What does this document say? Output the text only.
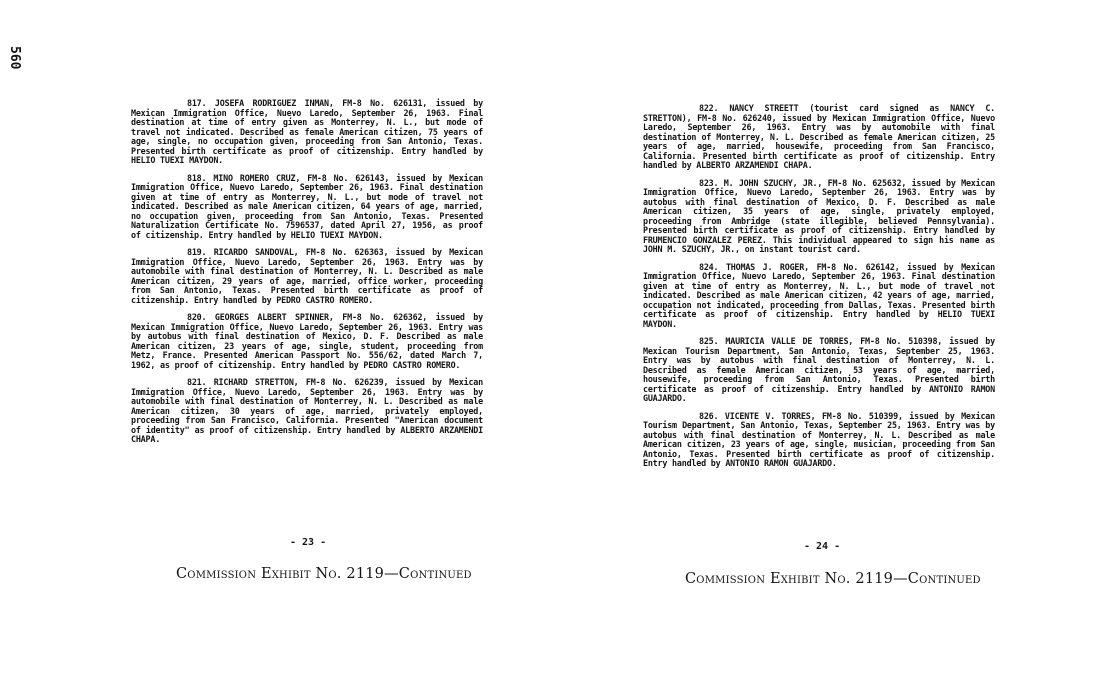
560

817. JOSEFA RODRIGUEZ INMAN, FM-8 No. 626131, issued by Mexican Immigration Office, Nuevo Laredo, September 26, 1963. Final destination at time of entry given as Monterrey, N. L., but mode of travel not indicated. Described as female American citizen, 75 years of age, single, no occupation given, proceeding from San Antonio, Texas. Presented birth certificate as proof of citizenship. Entry handled by HELIO TUEXI MAYDON.

818. MINO ROMERO CRUZ, FM-8 No. 626143, issued by Mexican Immigration Office, Nuevo Laredo, September 26, 1963. Final destination given at time of entry as Monterrey, N. L., but mode of travel not indicated. Described as male American citizen, 64 years of age, married, no occupation given, proceeding from San Antonio, Texas. Presented Naturalization Certificate No. 7596537, dated April 27, 1956, as proof of citizenship. Entry handled by HELIO TUEXI MAYDON.

819. RICARDO SANDOVAL, FM-8 No. 626363, issued by Mexican Immigration Office, Nuevo Laredo, September 26, 1963. Entry was by automobile with final destination of Monterrey, N. L. Described as male American citizen, 29 years of age, married, office worker, proceeding from San Antonio, Texas. Presented birth certificate as proof of citizenship. Entry handled by PEDRO CASTRO ROMERO.

820. GEORGES ALBERT SPINNER, FM-8 No. 626362, issued by Mexican Immigration Office, Nuevo Laredo, September 26, 1963. Entry was by autobus with final destination of Mexico, D. F. Described as male American citizen, 23 years of age, single, student, proceeding from Metz, France. Presented American Passport No. 556/62, dated March 7, 1962, as proof of citizenship. Entry handled by PEDRO CASTRO ROMERO.

821. RICHARD STRETTON, FM-8 No. 626239, issued by Mexican Immigration Office, Nuevo Laredo, September 26, 1963. Entry was by automobile with final destination of Monterrey, N. L. Described as male American citizen, 30 years of age, married, privately employed, proceeding from San Francisco, California. Presented "American document of identity" as proof of citizenship. Entry handled by ALBERTO ARZAMENDI CHAPA.

- 23 -
Commission Exhibit No. 2119—Continued

822. NANCY STREETT (tourist card signed as NANCY C. STRETTON), FM-8 No. 626240, issued by Mexican Immigration Office, Nuevo Laredo, September 26, 1963. Entry was by automobile with final destination of Monterrey, N. L. Described as female American citizen, 25 years of age, married, housewife, proceeding from San Francisco, California. Presented birth certificate as proof of citizenship. Entry handled by ALBERTO ARZAMENDI CHAPA.

823. M. JOHN SZUCHY, JR., FM-8 No. 625632, issued by Mexican Immigration Office, Nuevo Laredo, September 26, 1963. Entry was by autobus with final destination of Mexico, D. F. Described as male American citizen, 35 years of age, single, privately employed, proceeding from Ambridge (state illegible, believed Pennsylvania). Presented birth certificate as proof of citizenship. Entry handled by FRUMENCIO GONZALEZ PEREZ. This individual appeared to sign his name as JOHN M. SZUCHY, JR., on instant tourist card.

824. THOMAS J. ROGER, FM-8 No. 626142, issued by Mexican Immigration Office, Nuevo Laredo, September 26, 1963. Final destination given at time of entry as Monterrey, N. L., but mode of travel not indicated. Described as male American citizen, 42 years of age, married, occupation not indicated, proceeding from Dallas, Texas. Presented birth certificate as proof of citizenship. Entry handled by HELIO TUEXI MAYDON.

825. MAURICIA VALLE DE TORRES, FM-8 No. 510398, issued by Mexican Tourism Department, San Antonio, Texas, September 25, 1963. Entry was by autobus with final destination of Monterrey, N. L. Described as female American citizen, 53 years of age, married, housewife, proceeding from San Antonio, Texas. Presented birth certificate as proof of citizenship. Entry handled by ANTONIO RAMON GUAJARDO.

826. VICENTE V. TORRES, FM-8 No. 510399, issued by Mexican Tourism Department, San Antonio, Texas, September 25, 1963. Entry was by autobus with final destination of Monterrey, N. L. Described as male American citizen, 23 years of age, single, musician, proceeding from San Antonio, Texas. Presented birth certificate as proof of citizenship. Entry handled by ANTONIO RAMON GUAJARDO.

- 24 -
Commission Exhibit No. 2119—Continued
